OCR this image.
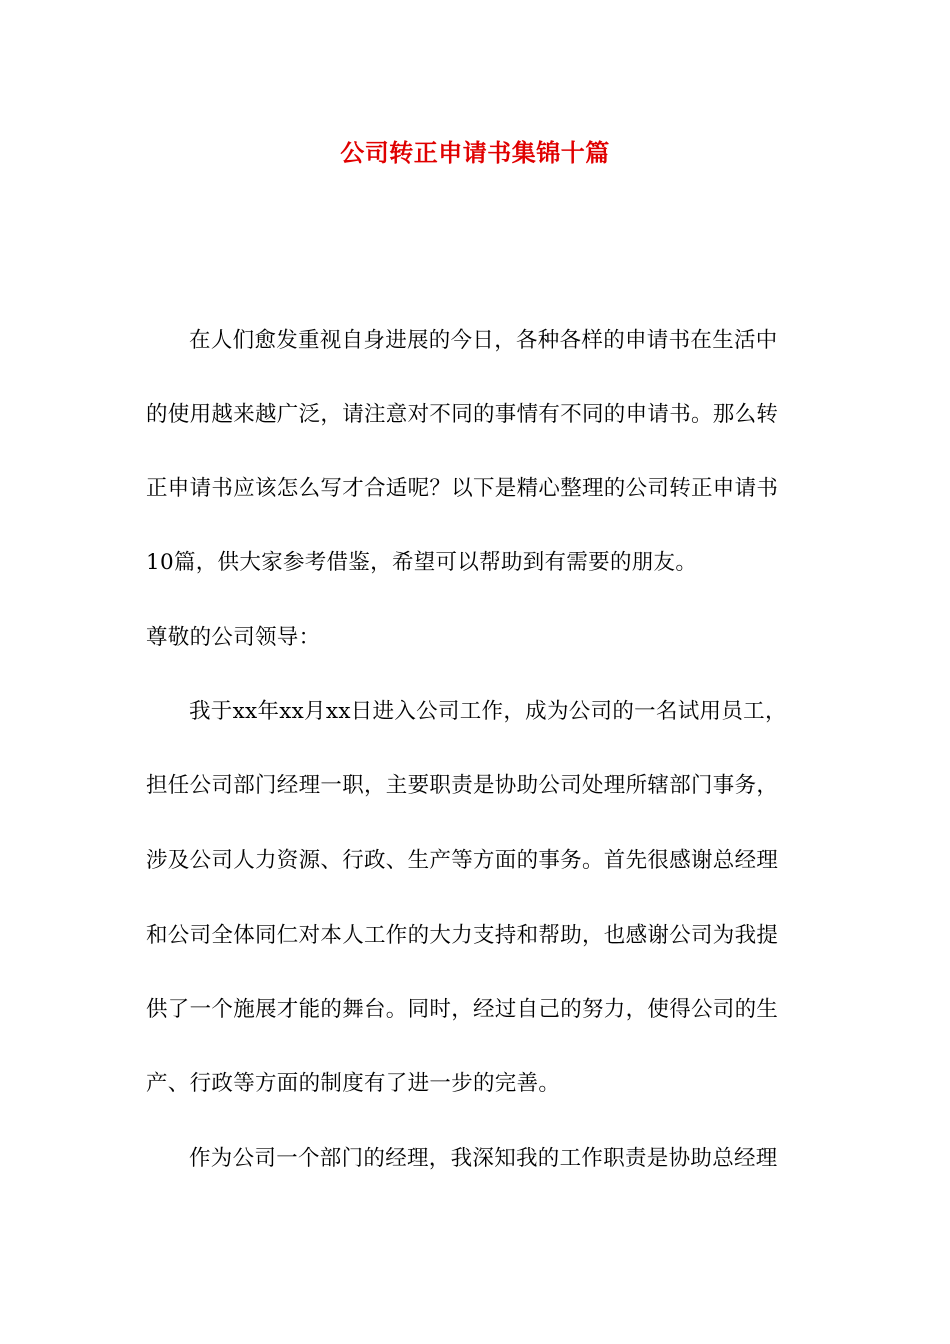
公司转正申请书集锦十篇
在人们愈发重视自身进展的今日，各种各样的申请书在生活中
的使用越来越广泛，请注意对不同的事情有不同的申请书。那么转
正申请书应该怎么写才合适呢？以下是精心整理的公司转正申请书
10篇，供大家参考借鉴，希望可以帮助到有需要的朋友。
尊敬的公司领导：
我于xx年xx月xx日进入公司工作，成为公司的一名试用员工，
担任公司部门经理一职，主要职责是协助公司处理所辖部门事务，
涉及公司人力资源、行政、生产等方面的事务。首先很感谢总经理
和公司全体同仁对本人工作的大力支持和帮助，也感谢公司为我提
供了一个施展才能的舞台。同时，经过自己的努力，使得公司的生
产、行政等方面的制度有了进一步的完善。
作为公司一个部门的经理，我深知我的工作职责是协助总经理
